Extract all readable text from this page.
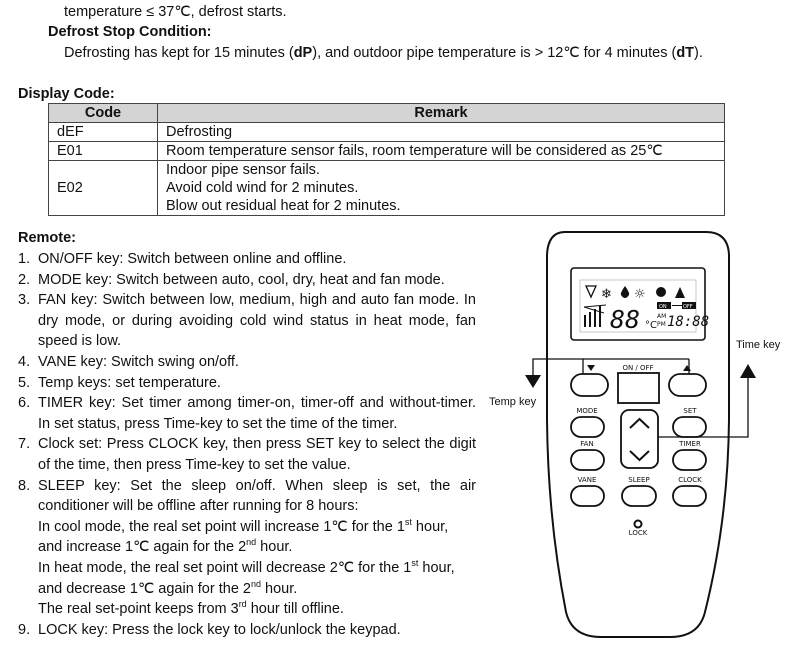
temperature ≤ 37℃, defrost starts.
Defrost Stop Condition:
Defrosting has kept for 15 minutes (dP), and outdoor pipe temperature is > 12℃ for 4 minutes (dT).
Display Code:
Code	Remark
dEF	Defrosting
E01	Room temperature sensor fails, room temperature will be considered as 25℃
E02	Indoor pipe sensor fails.
Avoid cold wind for 2 minutes.
Blow out residual heat for 2 minutes.
Remote:
1. ON/OFF key: Switch between online and offline.
2. MODE key: Switch between auto, cool, dry, heat and fan mode.
3. FAN key: Switch between low, medium, high and auto fan mode. In dry mode, or during avoiding cold wind status in heat mode, fan speed is low.
4. VANE key: Switch swing on/off.
5. Temp keys: set temperature.
6. TIMER key: Set timer among timer-on, timer-off and without-timer. In set status, press Time-key to set the time of the timer.
7. Clock set: Press CLOCK key, then press SET key to select the digit of the time, then press Time-key to set the value.
8. SLEEP key: Set the sleep on/off. When sleep is set, the air conditioner will be offline after running for 8 hours:
In cool mode, the real set point will increase 1℃ for the 1st hour, and increase 1℃ again for the 2nd hour.
In heat mode, the real set point will decrease 2℃ for the 1st hour, and decrease 1℃ again for the 2nd hour.
The real set-point keeps from 3rd hour till offline.
9. LOCK key: Press the lock key to lock/unlock the keypad.
❄ ☼
88 °C
ON	OFF
AM
PM 18:88
ON / OFF
MODE	SET
FAN	TIMER
VANE	SLEEP	CLOCK
LOCK
Temp key
Time key
